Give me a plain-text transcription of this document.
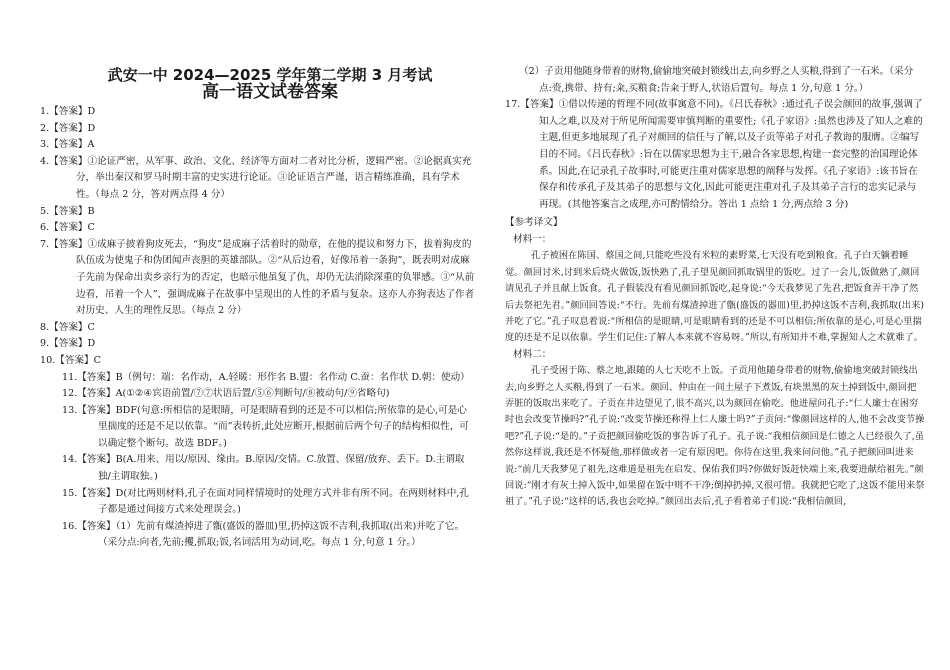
武安一中 2024—2025 学年第二学期 3 月考试
高一语文试卷答案
1.【答案】D
2.【答案】D
3.【答案】A
4.【答案】①论证严密，从军事、政治、文化、经济等方面对二者对比分析，逻辑严密。②论据真实充分，举出秦汉和罗马时期丰富的史实进行论证。③论证语言严谨，语言精练准确，具有学术性。（每点 2 分，答对两点得 4 分）
5.【答案】B
6.【答案】C
7.【答案】①成麻子披着狗皮死去，“狗皮”是成麻子活着时的勋章，在他的提议和努力下，拔着狗皮的队伍成为使鬼子和伪团闻声丧胆的英雄部队。②“从后边看，好像吊着一条狗”，既表明对成麻子先前为保命出卖乡亲行为的否定，也暗示他虽复了仇，却仍无法消除深重的负罪感。③“从前边看，吊着一个人”，强调成麻子在故事中呈现出的人性的矛盾与复杂。这亦人亦狗表达了作者对历史、人生的理性反思。（每点 2 分）
8.【答案】C
9.【答案】D
10.【答案】C
11.【答案】B（例句：端：名作动，A.轻暖：形作名 B.盟：名作动 C.蚕：名作状 D.朝：使动）
12.【答案】A(①②④宾语前置/⑦⑦状语后置/⑤⑥判断句/⑧被动句/⑨省略句)
13.【答案】BDF(句意:所相信的是眼睛，可是眼睛看到的还是不可以相信;所依靠的是心,可是心里揣度的还是不足以依靠。“而”表转折,此处应断开,根据前后两个句子的结构相似性，可以确定整个断句。故选 BDF。)
14.【答案】B(A.用来、用以/原因、缘由。B.原因/交情。C.放置、保留/放弃、丢下。D.主谓取独/主谓取独。)
15.【答案】D(对比两则材料,孔子在面对同样情境时的处理方式并非有所不同。在两则材料中,孔子都是通过间接方式来处理误会。)
16.【答案】（1）先前有煤渣掉进了甑(盛饭的器皿)里,扔掉这饭不吉利,我抓取(出来)并吃了它。（采分点:向者,先前;攫,抓取;饭,名词活用为动词,吃。每点 1 分,句意 1 分。）
（2）子贡用他随身带着的财物,偷偷地突破封锁线出去,向乡野之人买粮,得到了一石米。（采分点:赍,携带、持有;籴,买粮食;告籴于野人,状语后置句。每点 1 分,句意 1 分。）
17.【答案】①借以传递的哲理不同(故事寓意不同)。《吕氏春秋》:通过孔子误会颜回的故事,强调了知人之难,以及对于所见所闻需要审慎判断的重要性;《孔子家语》:虽然也涉及了知人之难的主题,但更多地展现了孔子对颜回的信任与了解,以及子贡等弟子对孔子教诲的服膺。②编写目的不同。《吕氏春秋》:旨在以儒家思想为主干,融合各家思想,构建一套完整的治国理论体系。因此,在记录孔子故事时,可能更注重对儒家思想的阐释与发挥。《孔子家语》:该书旨在保存和传承孔子及其弟子的思想与文化,因此可能更注重对孔子及其弟子言行的忠实记录与再现。(其他答案言之成理,亦可酌情给分。答出 1 点给 1 分,两点给 3 分)
【参考译文】
材料一：
孔子被困在陈国、蔡国之间,只能吃些没有米粒的素野菜,七天没有吃到粮食。孔子白天躺着睡觉。颜回讨米,讨到米后烧火做饭,饭快熟了,孔子望见颜回抓取锅里的饭吃。过了一会儿,饭做熟了,颜回请见孔子并且献上饭食。孔子假装没有看见颜回抓饭吃,起身说:“今天我梦见了先君,把饭食弄干净了然后去祭祀先君。”颜回回答说:“不行。先前有煤渣掉进了甑(盛饭的器皿)里,扔掉这饭不吉利,我抓取(出来)并吃了它。”孔子叹息着说:“所相信的是眼睛,可是眼睛看到的还是不可以相信;所依靠的是心,可是心里揣度的还是不足以依靠。学生们记住:了解人本来就不容易呀。”所以,有所知并不难,掌握知人之术就难了。
材料二：
孔子受困于陈、蔡之地,跟随的人七天吃不上饭。子贡用他随身带着的财物,偷偷地突破封锁线出去,向乡野之人买粮,得到了一石米。颜回、仲由在一间土屋子下煮饭,有块黑黑的灰土掉到饭中,颜回把弄脏的饭取出来吃了。子贡在井边望见了,很不高兴,以为颜回在偷吃。他进屋问孔子:“仁人廉士在困穷时也会改变节操吗?”孔子说:“改变节操还称得上仁人廉士吗?”子贡问:“像颜回这样的人,他不会改变节操吧?”孔子说:“是的。”子贡把颜回偷吃饭的事告诉了孔子。孔子说:“我相信颜回是仁德之人已经很久了,虽然你这样说,我还是不怀疑他,那样做或者一定有原因吧。你待在这里,我来问问他。”孔子把颜回叫进来说:“前几天我梦见了祖先,这难道是祖先在启发、保佑我们吗?你做好饭赶快端上来,我要进献给祖先。”颜回说:“刚才有灰土掉入饭中,如果留在饭中则不干净;倒掉扔掉,又很可惜。我就把它吃了,这饭不能用来祭祖了。”孔子说:“这样的话,我也会吃掉。”颜回出去后,孔子看着弟子们说:“我相信颜回,
